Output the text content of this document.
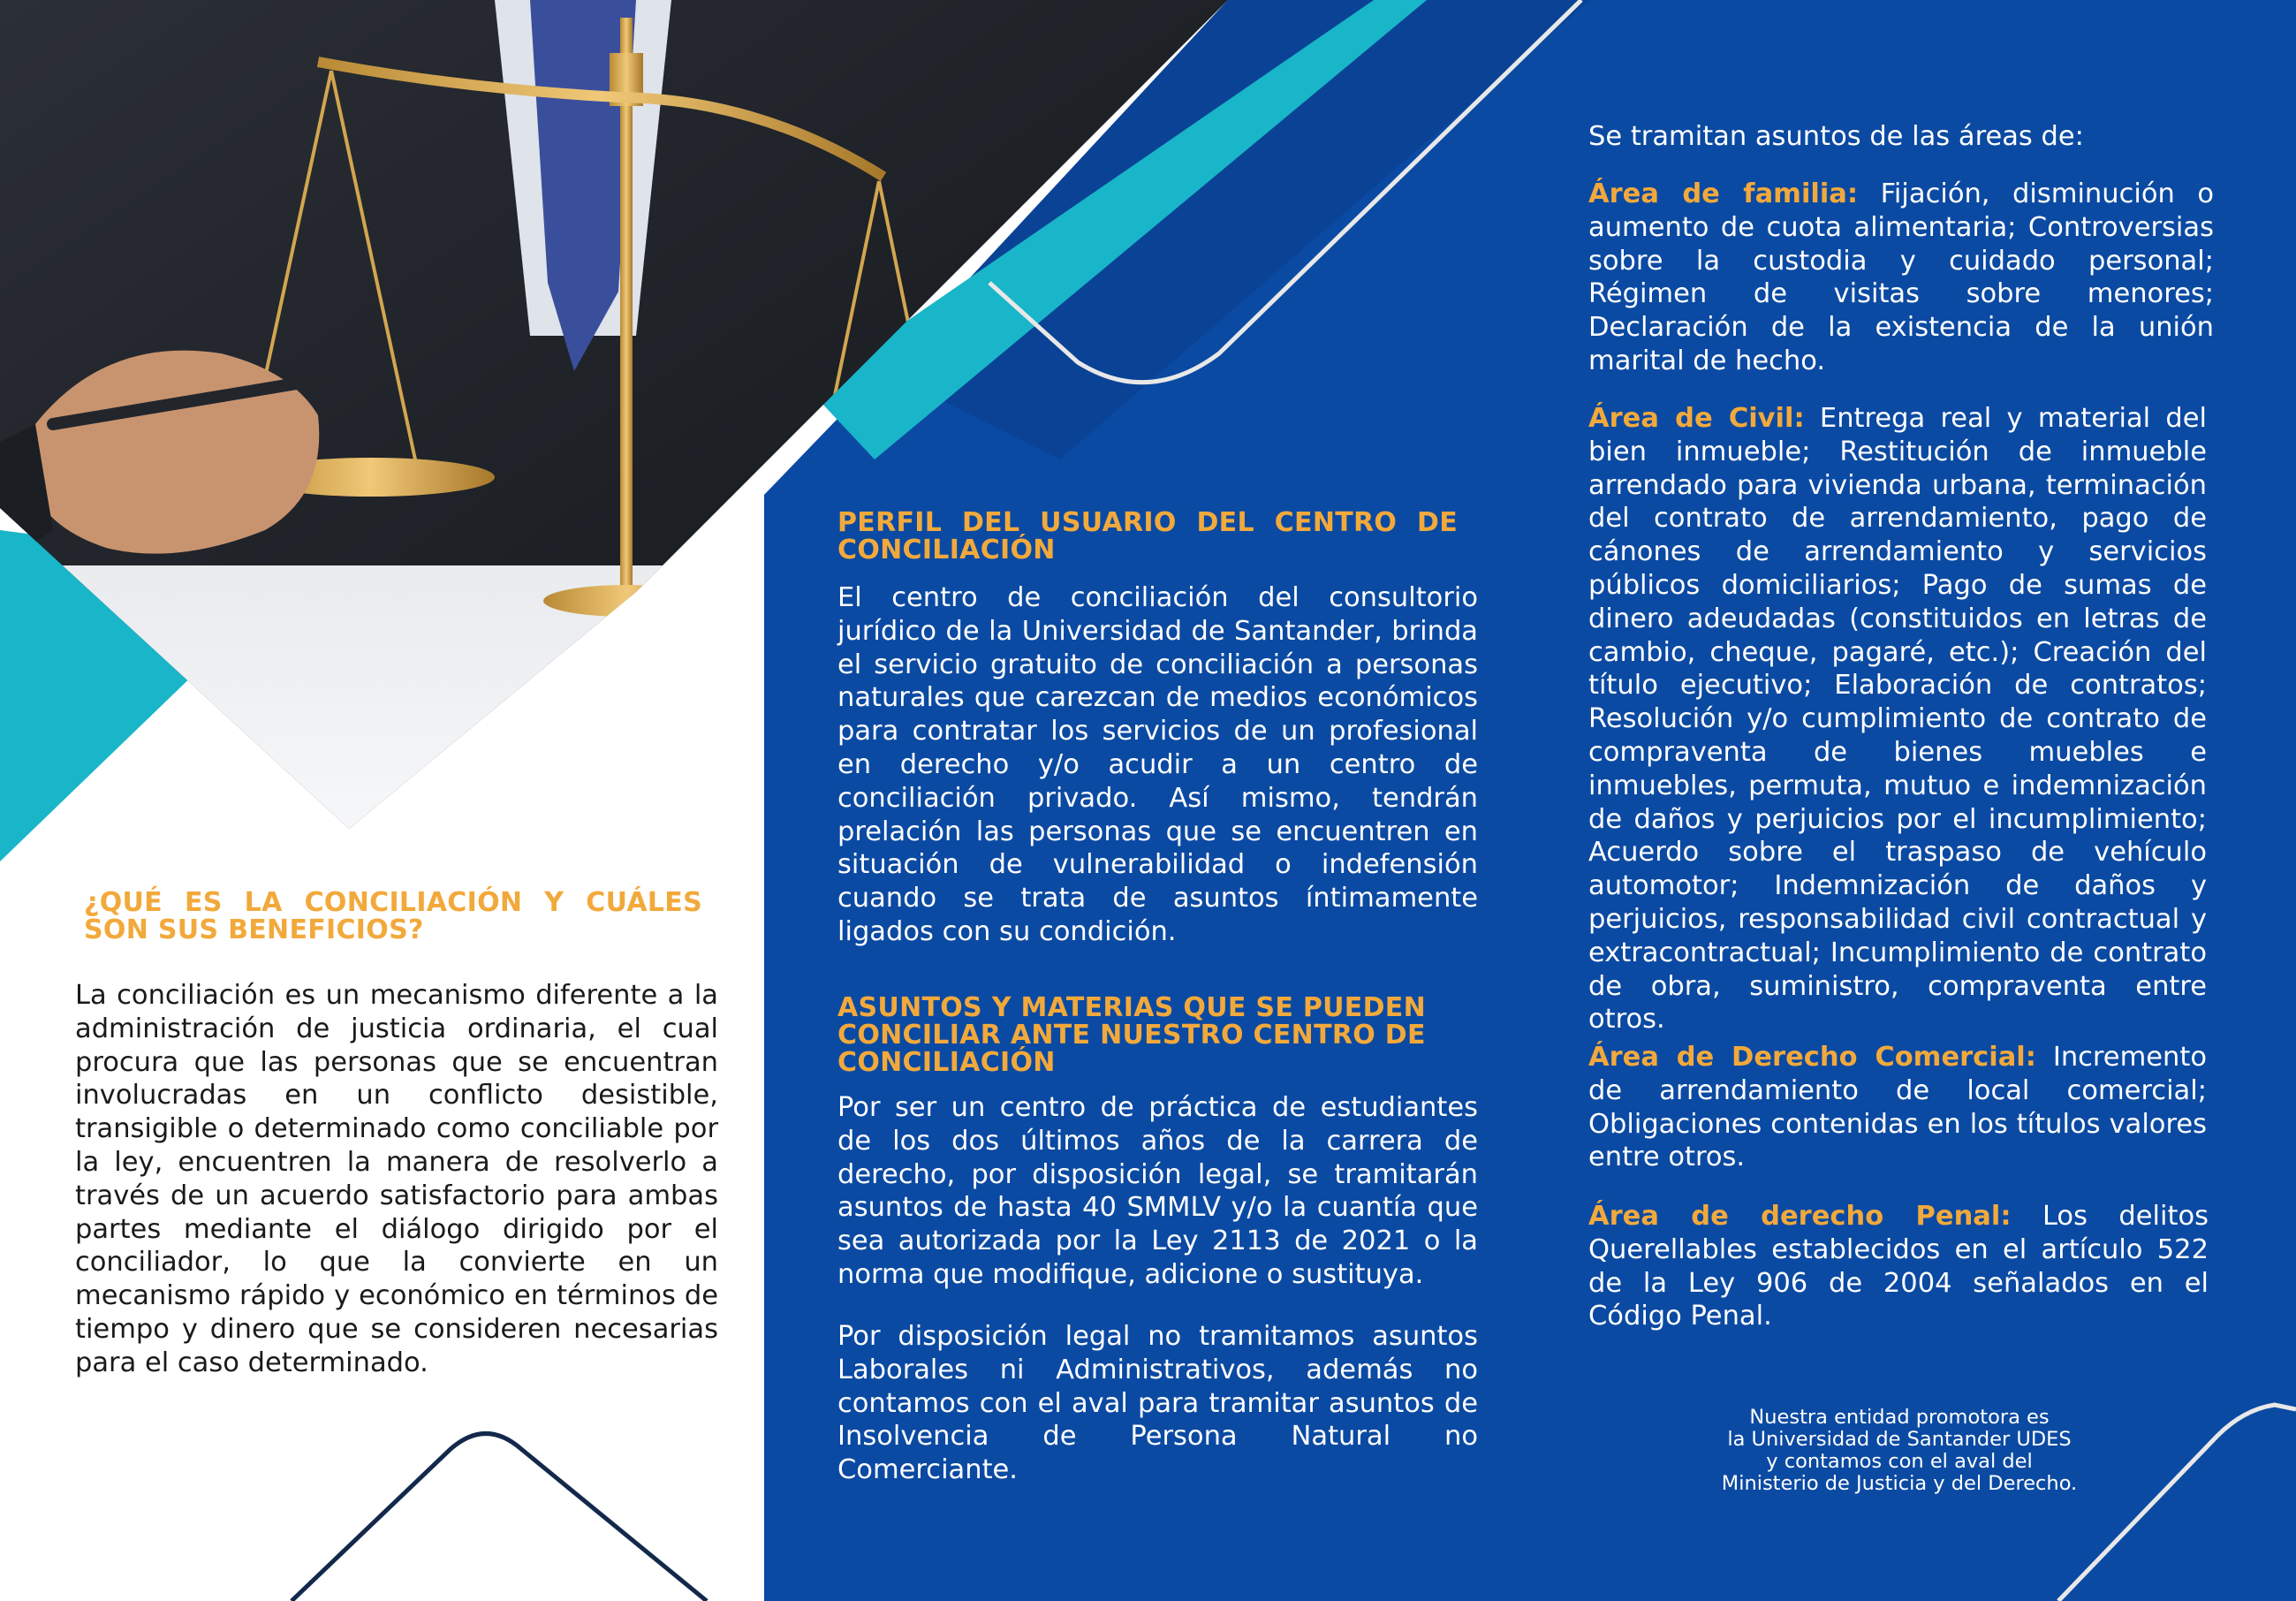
¿QUÉ ES LA CONCILIACIÓN Y CUÁLES SON SUS BENEFICIOS?
La conciliación es un mecanismo diferente a la administración de justicia ordinaria, el cual procura que las personas que se encuentran involucradas en un conflicto desistible, transigible o determinado como conciliable por la ley, encuentren la manera de resolverlo a través de un acuerdo satisfactorio para ambas partes mediante el diálogo dirigido por el conciliador, lo que la convierte en un mecanismo rápido y económico en términos de tiempo y dinero que se consideren necesarias para el caso determinado.
PERFIL DEL USUARIO DEL CENTRO DE CONCILIACIÓN
El centro de conciliación del consultorio jurídico de la Universidad de Santander, brinda el servicio gratuito de conciliación a personas naturales que carezcan de medios económicos para contratar los servicios de un profesional en derecho y/o acudir a un centro de conciliación privado. Así mismo, tendrán prelación las personas que se encuentren en situación de vulnerabilidad o indefensión cuando se trata de asuntos íntimamente ligados con su condición.
ASUNTOS Y MATERIAS QUE SE PUEDEN CONCILIAR ANTE NUESTRO CENTRO DE CONCILIACIÓN
Por ser un centro de práctica de estudiantes de los dos últimos años de la carrera de derecho, por disposición legal, se tramitarán asuntos de hasta 40 SMMLV y/o la cuantía que sea autorizada por la Ley 2113 de 2021 o la norma que modifique, adicione o sustituya.
Por disposición legal no tramitamos asuntos Laborales ni Administrativos, además no contamos con el aval para tramitar asuntos de Insolvencia de Persona Natural no Comerciante.
Se tramitan asuntos de las áreas de:
Área de familia: Fijación, disminución o aumento de cuota alimentaria; Controversias sobre la custodia y cuidado personal; Régimen de visitas sobre menores; Declaración de la existencia de la unión marital de hecho.
Área de Civil: Entrega real y material del bien inmueble; Restitución de inmueble arrendado para vivienda urbana, terminación del contrato de arrendamiento, pago de cánones de arrendamiento y servicios públicos domiciliarios; Pago de sumas de dinero adeudadas (constituidos en letras de cambio, cheque, pagaré, etc.); Creación del título ejecutivo; Elaboración de contratos; Resolución y/o cumplimiento de contrato de compraventa de bienes muebles e inmuebles, permuta, mutuo e indemnización de daños y perjuicios por el incumplimiento; Acuerdo sobre el traspaso de vehículo automotor; Indemnización de daños y perjuicios, responsabilidad civil contractual y extracontractual; Incumplimiento de contrato de obra, suministro, compraventa entre otros.
Área de Derecho Comercial: Incremento de arrendamiento de local comercial; Obligaciones contenidas en los títulos valores entre otros.
Área de derecho Penal: Los delitos Querellables establecidos en el artículo 522 de la Ley 906 de 2004 señalados en el Código Penal.
Nuestra entidad promotora es
la Universidad de Santander UDES
y contamos con el aval del
Ministerio de Justicia y del Derecho.
